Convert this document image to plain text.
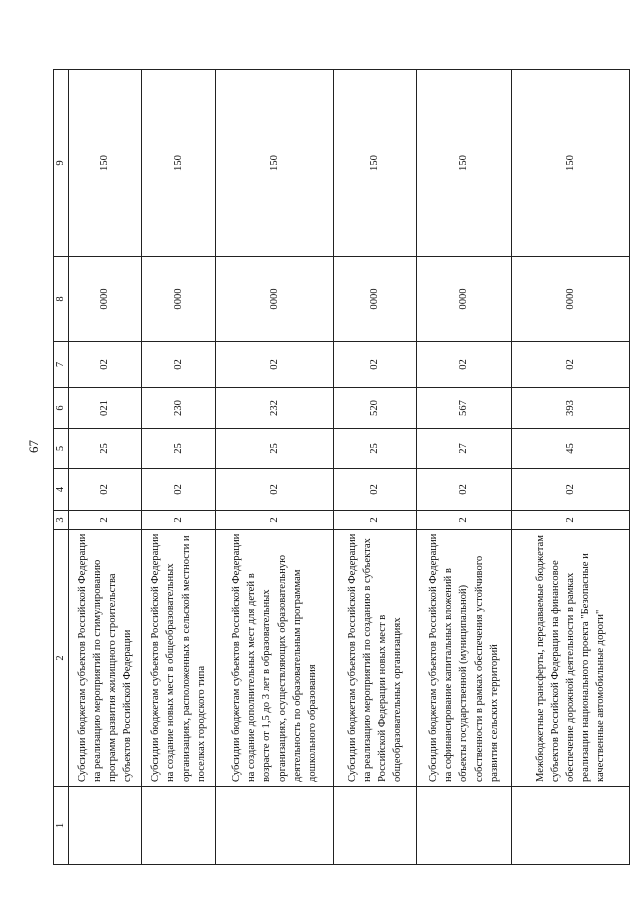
67
1	2	3	4	5	6	7	8	9
	Субсидии бюджетам субъектов Российской Федерации на реализацию мероприятий по стимулированию программ развития жилищного строительства субъектов Российской Федерации	2	02	25	021	02	0000	150
	Субсидии бюджетам субъектов Российской Федерации на создание новых мест в общеобразовательных организациях, расположенных в сельской местности и поселках городского типа	2	02	25	230	02	0000	150
	Субсидии бюджетам субъектов Российской Федерации на создание дополнительных мест для детей в возрасте от 1,5 до 3 лет в образовательных организациях, осуществляющих образовательную деятельность по образовательным программам дошкольного образования	2	02	25	232	02	0000	150
	Субсидии бюджетам субъектов Российской Федерации на реализацию мероприятий по созданию в субъектах Российской Федерации новых мест в общеобразовательных организациях	2	02	25	520	02	0000	150
	Субсидии бюджетам субъектов Российской Федерации на софинансирование капитальных вложений в объекты государственной (муниципальной) собственности в рамках обеспечения устойчивого развития сельских территорий	2	02	27	567	02	0000	150
	Межбюджетные трансферты, передаваемые бюджетам субъектов Российской Федерации на финансовое обеспечение дорожной деятельности в рамках реализации национального проекта "Безопасные и качественные автомобильные дороги"	2	02	45	393	02	0000	150
